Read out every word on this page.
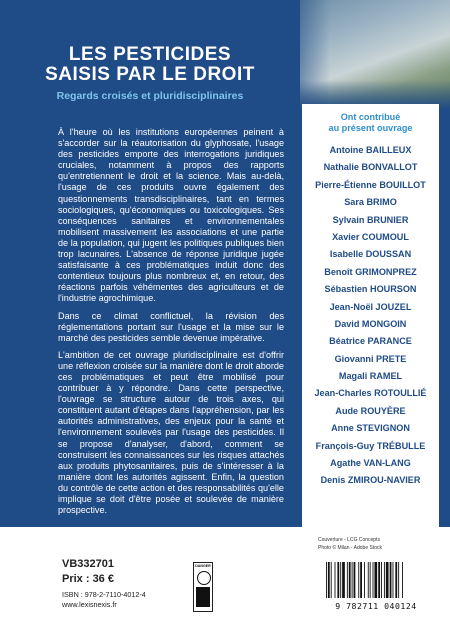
LES PESTICIDES
SAISIS PAR LE DROIT
Regards croisés et pluridisciplinaires

À l'heure où les institutions européennes peinent à s'accorder sur la réautorisation du glyphosate, l'usage des pesticides emporte des interrogations juridiques cruciales, notamment à propos des rapports qu'entretiennent le droit et la science. Mais au-delà, l'usage de ces produits ouvre également des questionnements transdisciplinaires, tant en termes sociologiques, qu'économiques ou toxicologiques. Ses conséquences sanitaires et environnementales mobilisent massivement les associations et une partie de la population, qui jugent les politiques publiques bien trop lacunaires. L'absence de réponse juridique jugée satisfaisante à ces problématiques induit donc des contentieux toujours plus nombreux et, en retour, des réactions parfois véhémentes des agriculteurs et de l'industrie agrochimique.

Dans ce climat conflictuel, la révision des réglementations portant sur l'usage et la mise sur le marché des pesticides semble devenue impérative.

L'ambition de cet ouvrage pluridisciplinaire est d'offrir une réflexion croisée sur la manière dont le droit aborde ces problématiques et peut être mobilisé pour contribuer à y répondre. Dans cette perspective, l'ouvrage se structure autour de trois axes, qui constituent autant d'étapes dans l'appréhension, par les autorités administratives, des enjeux pour la santé et l'environnement soulevés par l'usage des pesticides. Il se propose d'analyser, d'abord, comment se construisent les connaissances sur les risques attachés aux produits phytosanitaires, puis de s'intéresser à la manière dont les autorités agissent. Enfin, la question du contrôle de cette action et des responsabilités qu'elle implique se doit d'être posée et soulevée de manière prospective.

Ont contribué
au présent ouvrage
Antoine BAILLEUX
Nathalie BONVALLOT
Pierre-Étienne BOUILLOT
Sara BRIMO
Sylvain BRUNIER
Xavier COUMOUL
Isabelle DOUSSAN
Benoît GRIMONPREZ
Sébastien HOURSON
Jean-Noël JOUZEL
David MONGOIN
Béatrice PARANCE
Giovanni PRETE
Magali RAMEL
Jean-Charles ROTOULLIÉ
Aude ROUYÈRE
Anne STEVIGNON
François-Guy TRÉBULLE
Agathe VAN-LANG
Denis ZMIROU-NAVIER
VB332701
Prix : 36 €
ISBN : 978-2-7110-4012-4
www.lexisnexis.fr
DANGER
Couverture - LCG Concepts
Photo © Milan - Adobe Stock
9 782711 040124
